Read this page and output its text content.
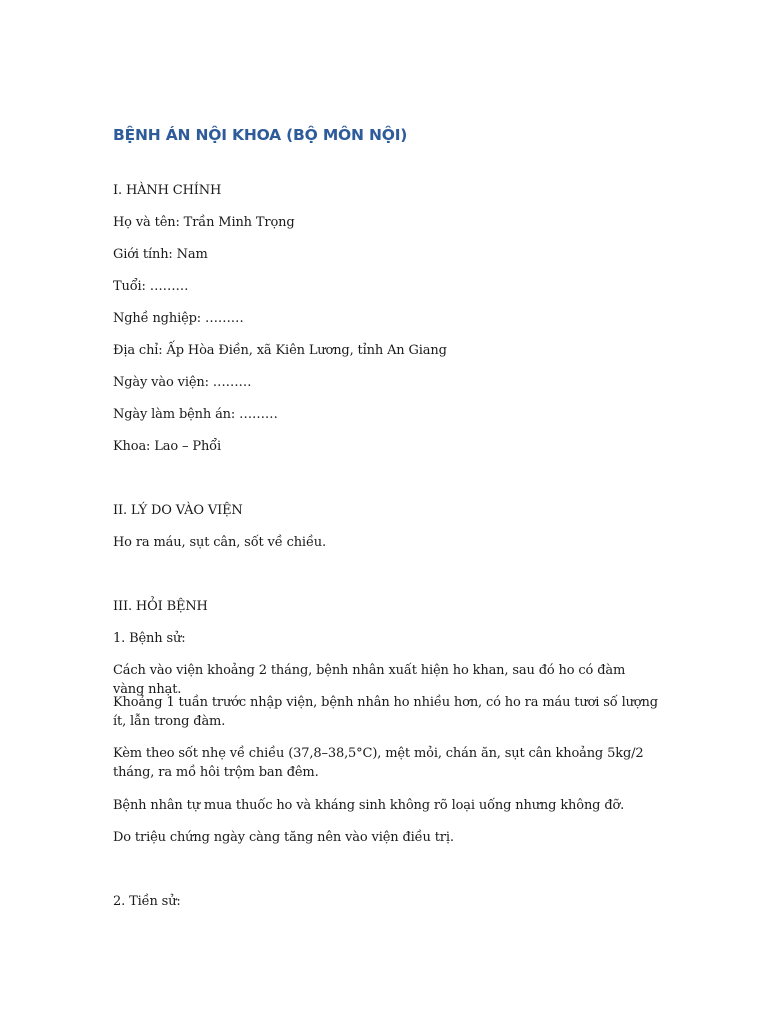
BỆNH ÁN NỘI KHOA (BỘ MÔN NỘI)
I. HÀNH CHÍNH
Họ và tên: Trần Minh Trọng
Giới tính: Nam
Tuổi: ………
Nghề nghiệp: ………
Địa chỉ: Ấp Hòa Điền, xã Kiên Lương, tỉnh An Giang
Ngày vào viện: ………
Ngày làm bệnh án: ………
Khoa: Lao – Phổi
II. LÝ DO VÀO VIỆN
Ho ra máu, sụt cân, sốt về chiều.
III. HỎI BỆNH
1. Bệnh sử:
Cách vào viện khoảng 2 tháng, bệnh nhân xuất hiện ho khan, sau đó ho có đàm vàng nhạt.
Khoảng 1 tuần trước nhập viện, bệnh nhân ho nhiều hơn, có ho ra máu tươi số lượng ít, lẫn trong đàm.
Kèm theo sốt nhẹ về chiều (37,8–38,5°C), mệt mỏi, chán ăn, sụt cân khoảng 5kg/2 tháng, ra mồ hôi trộm ban đêm.
Bệnh nhân tự mua thuốc ho và kháng sinh không rõ loại uống nhưng không đỡ.
Do triệu chứng ngày càng tăng nên vào viện điều trị.
2. Tiền sử:
